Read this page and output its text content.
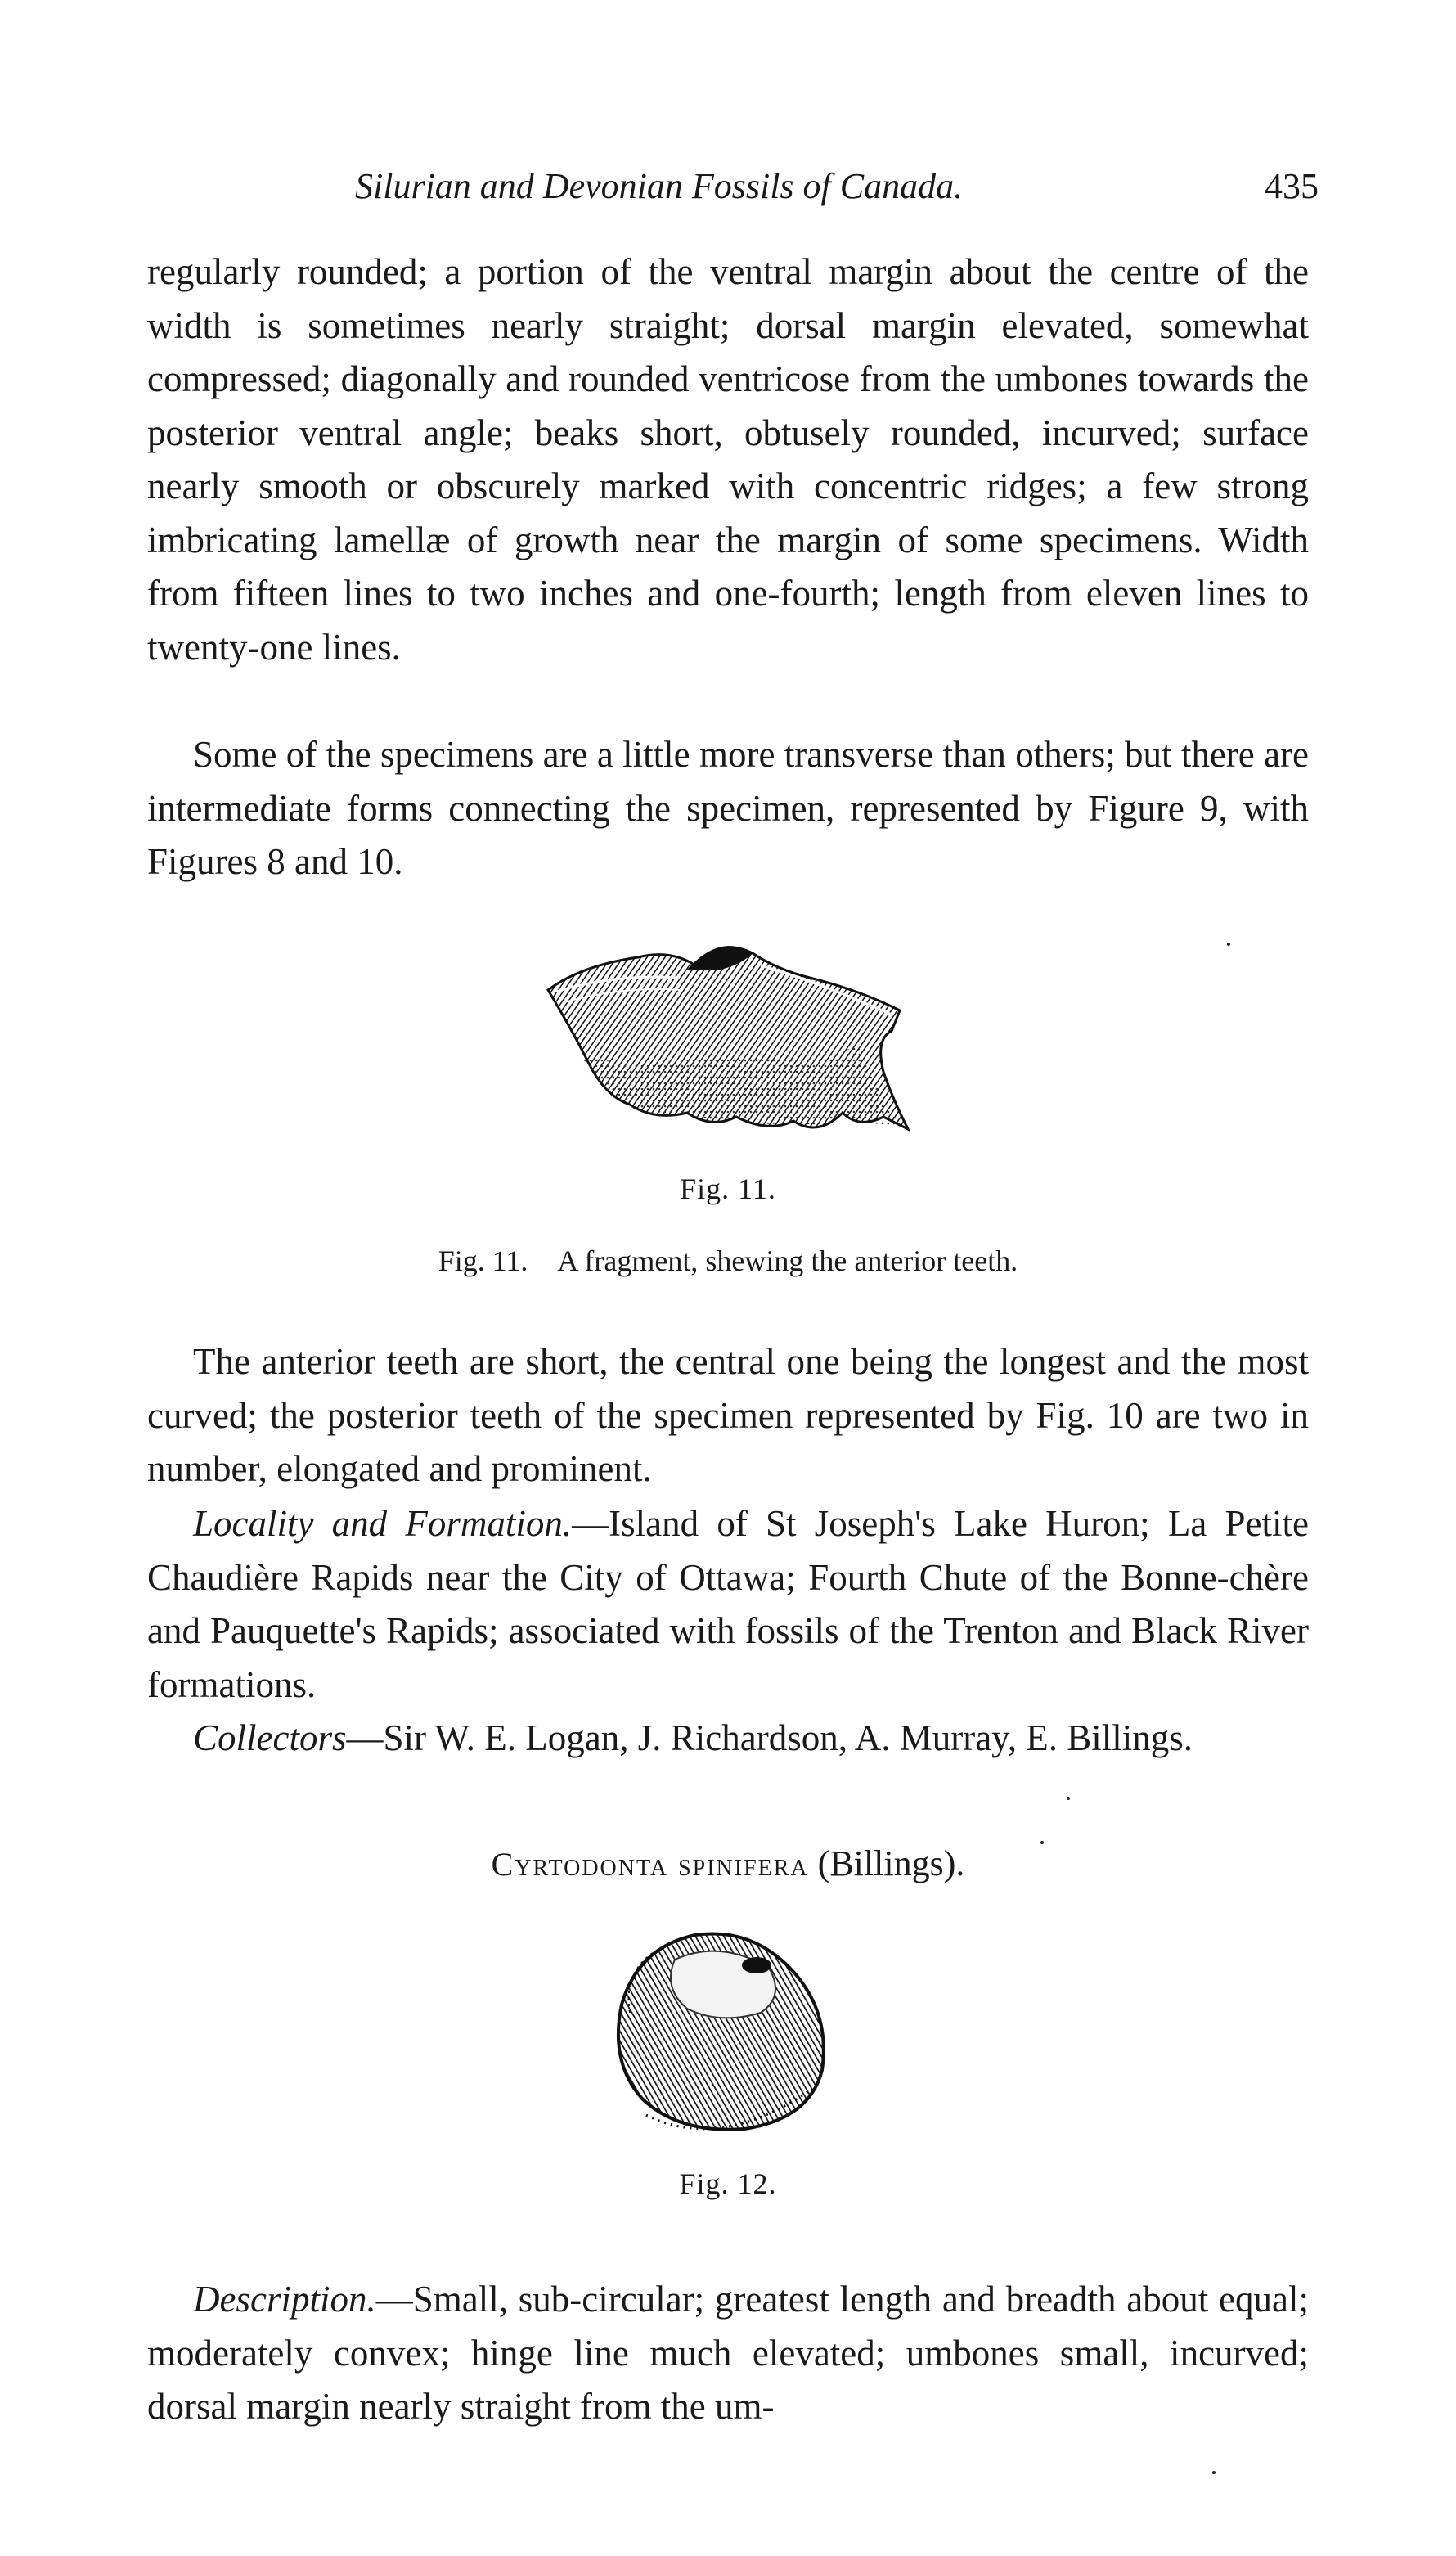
Silurian and Devonian Fossils of Canada.	435

regularly rounded; a portion of the ventral margin about the centre of the width is sometimes nearly straight; dorsal margin elevated, somewhat compressed; diagonally and rounded ventricose from the umbones towards the posterior ventral angle; beaks short, obtusely rounded, incurved; surface nearly smooth or obscurely marked with concentric ridges; a few strong imbricating lamellæ of growth near the margin of some specimens. Width from fifteen lines to two inches and one-fourth; length from eleven lines to twenty-one lines.

Some of the specimens are a little more transverse than others; but there are intermediate forms connecting the specimen, represented by Figure 9, with Figures 8 and 10.

Fig. 11.
Fig. 11. A fragment, shewing the anterior teeth.

The anterior teeth are short, the central one being the longest and the most curved; the posterior teeth of the specimen represented by Fig. 10 are two in number, elongated and prominent.

Locality and Formation.—Island of St Joseph's Lake Huron; La Petite Chaudière Rapids near the City of Ottawa; Fourth Chute of the Bonne-chère and Pauquette's Rapids; associated with fossils of the Trenton and Black River formations.

Collectors—Sir W. E. Logan, J. Richardson, A. Murray, E. Billings.

Cyrtodonta spinifera (Billings).
Fig. 12.

Description.—Small, sub-circular; greatest length and breadth about equal; moderately convex; hinge line much elevated; umbones small, incurved; dorsal margin nearly straight from the um-
